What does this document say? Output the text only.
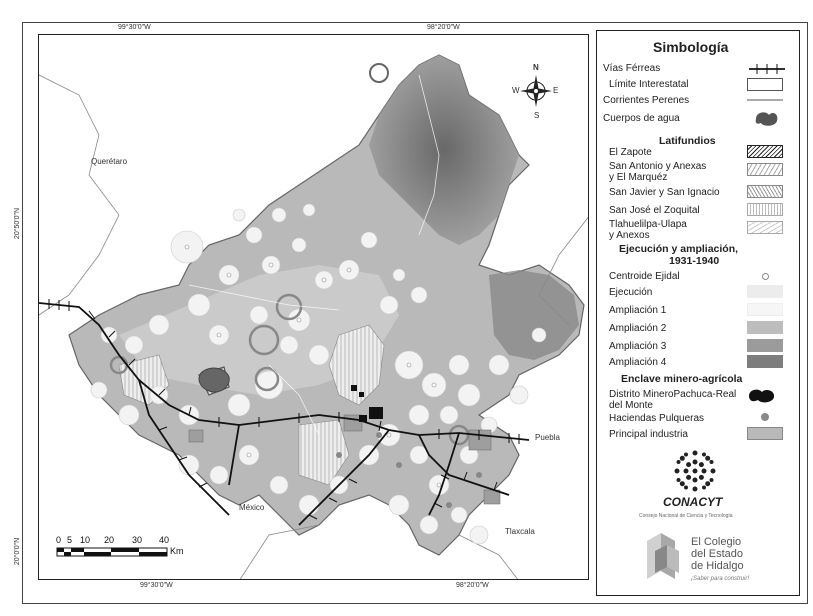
99°30'0"W	98°20'0"W
99°30'0"W	98°20'0"W
20°50'0"N
20°0'0"N
N
S
E
W
Querétaro
Puebla
México
Tlaxcala
0 5 10 20 30 40
Km
Simbología
Vías Férreas
Límite Interestatal
Corrientes Perenes
Cuerpos de agua
Latifundios
El Zapote
San Antonio y Anexas
y El Marquéz
San Javier y San Ignacio
San José el Zoquital
Tlahuelilpa-Ulapa
y Anexos
Ejecución y ampliación,
1931-1940
Centroide Ejidal
Ejecución
Ampliación 1
Ampliación 2
Ampliación 3
Ampliación 4
Enclave minero-agrícola
Distrito MineroPachuca-Real
del Monte
Haciendas Pulqueras
Principal industria
CONACYT
Consejo Nacional de Ciencia y Tecnología
El Colegio
del Estado
de Hidalgo
¡Saber para construir!
